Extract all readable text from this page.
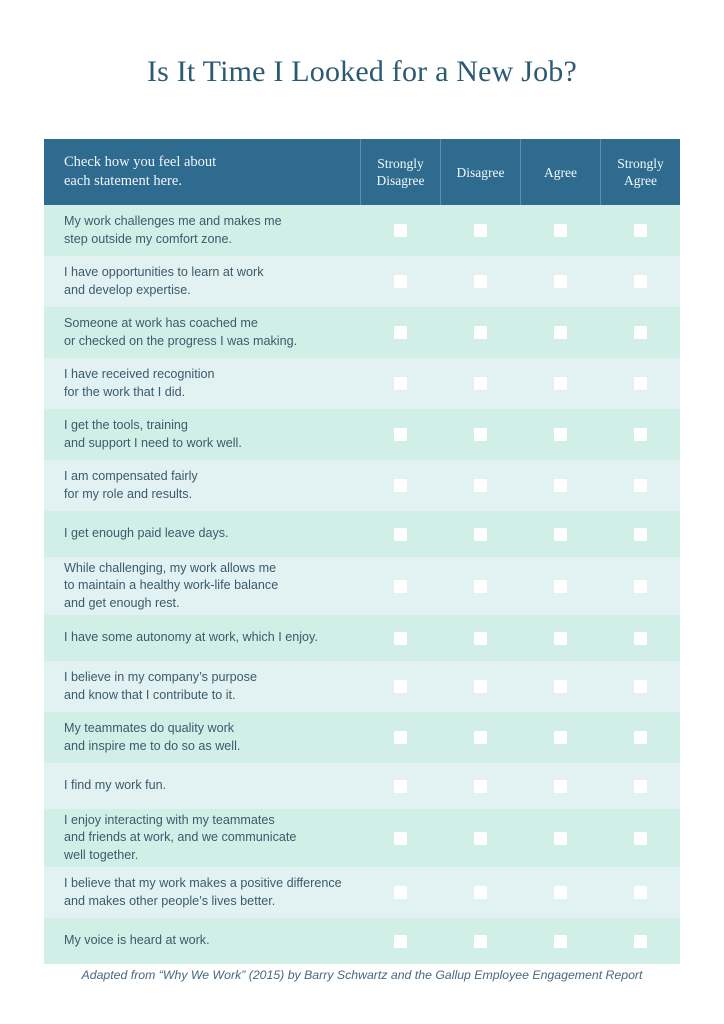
Is It Time I Looked for a New Job?
Check how you feel about
each statement here.
Strongly
Disagree
Disagree	Agree
Strongly
Agree
My work challenges me and makes me
step outside my comfort zone.
I have opportunities to learn at work
and develop expertise.
Someone at work has coached me
or checked on the progress I was making.
I have received recognition
for the work that I did.
I get the tools, training
and support I need to work well.
I am compensated fairly
for my role and results.
I get enough paid leave days.
While challenging, my work allows me
to maintain a healthy work-life balance
and get enough rest.
I have some autonomy at work, which I enjoy.
I believe in my company’s purpose
and know that I contribute to it.
My teammates do quality work
and inspire me to do so as well.
I find my work fun.
I enjoy interacting with my teammates
and friends at work, and we communicate
well together.
I believe that my work makes a positive difference
and makes other people’s lives better.
My voice is heard at work.
Adapted from “Why We Work” (2015) by Barry Schwartz and the Gallup Employee Engagement Report
